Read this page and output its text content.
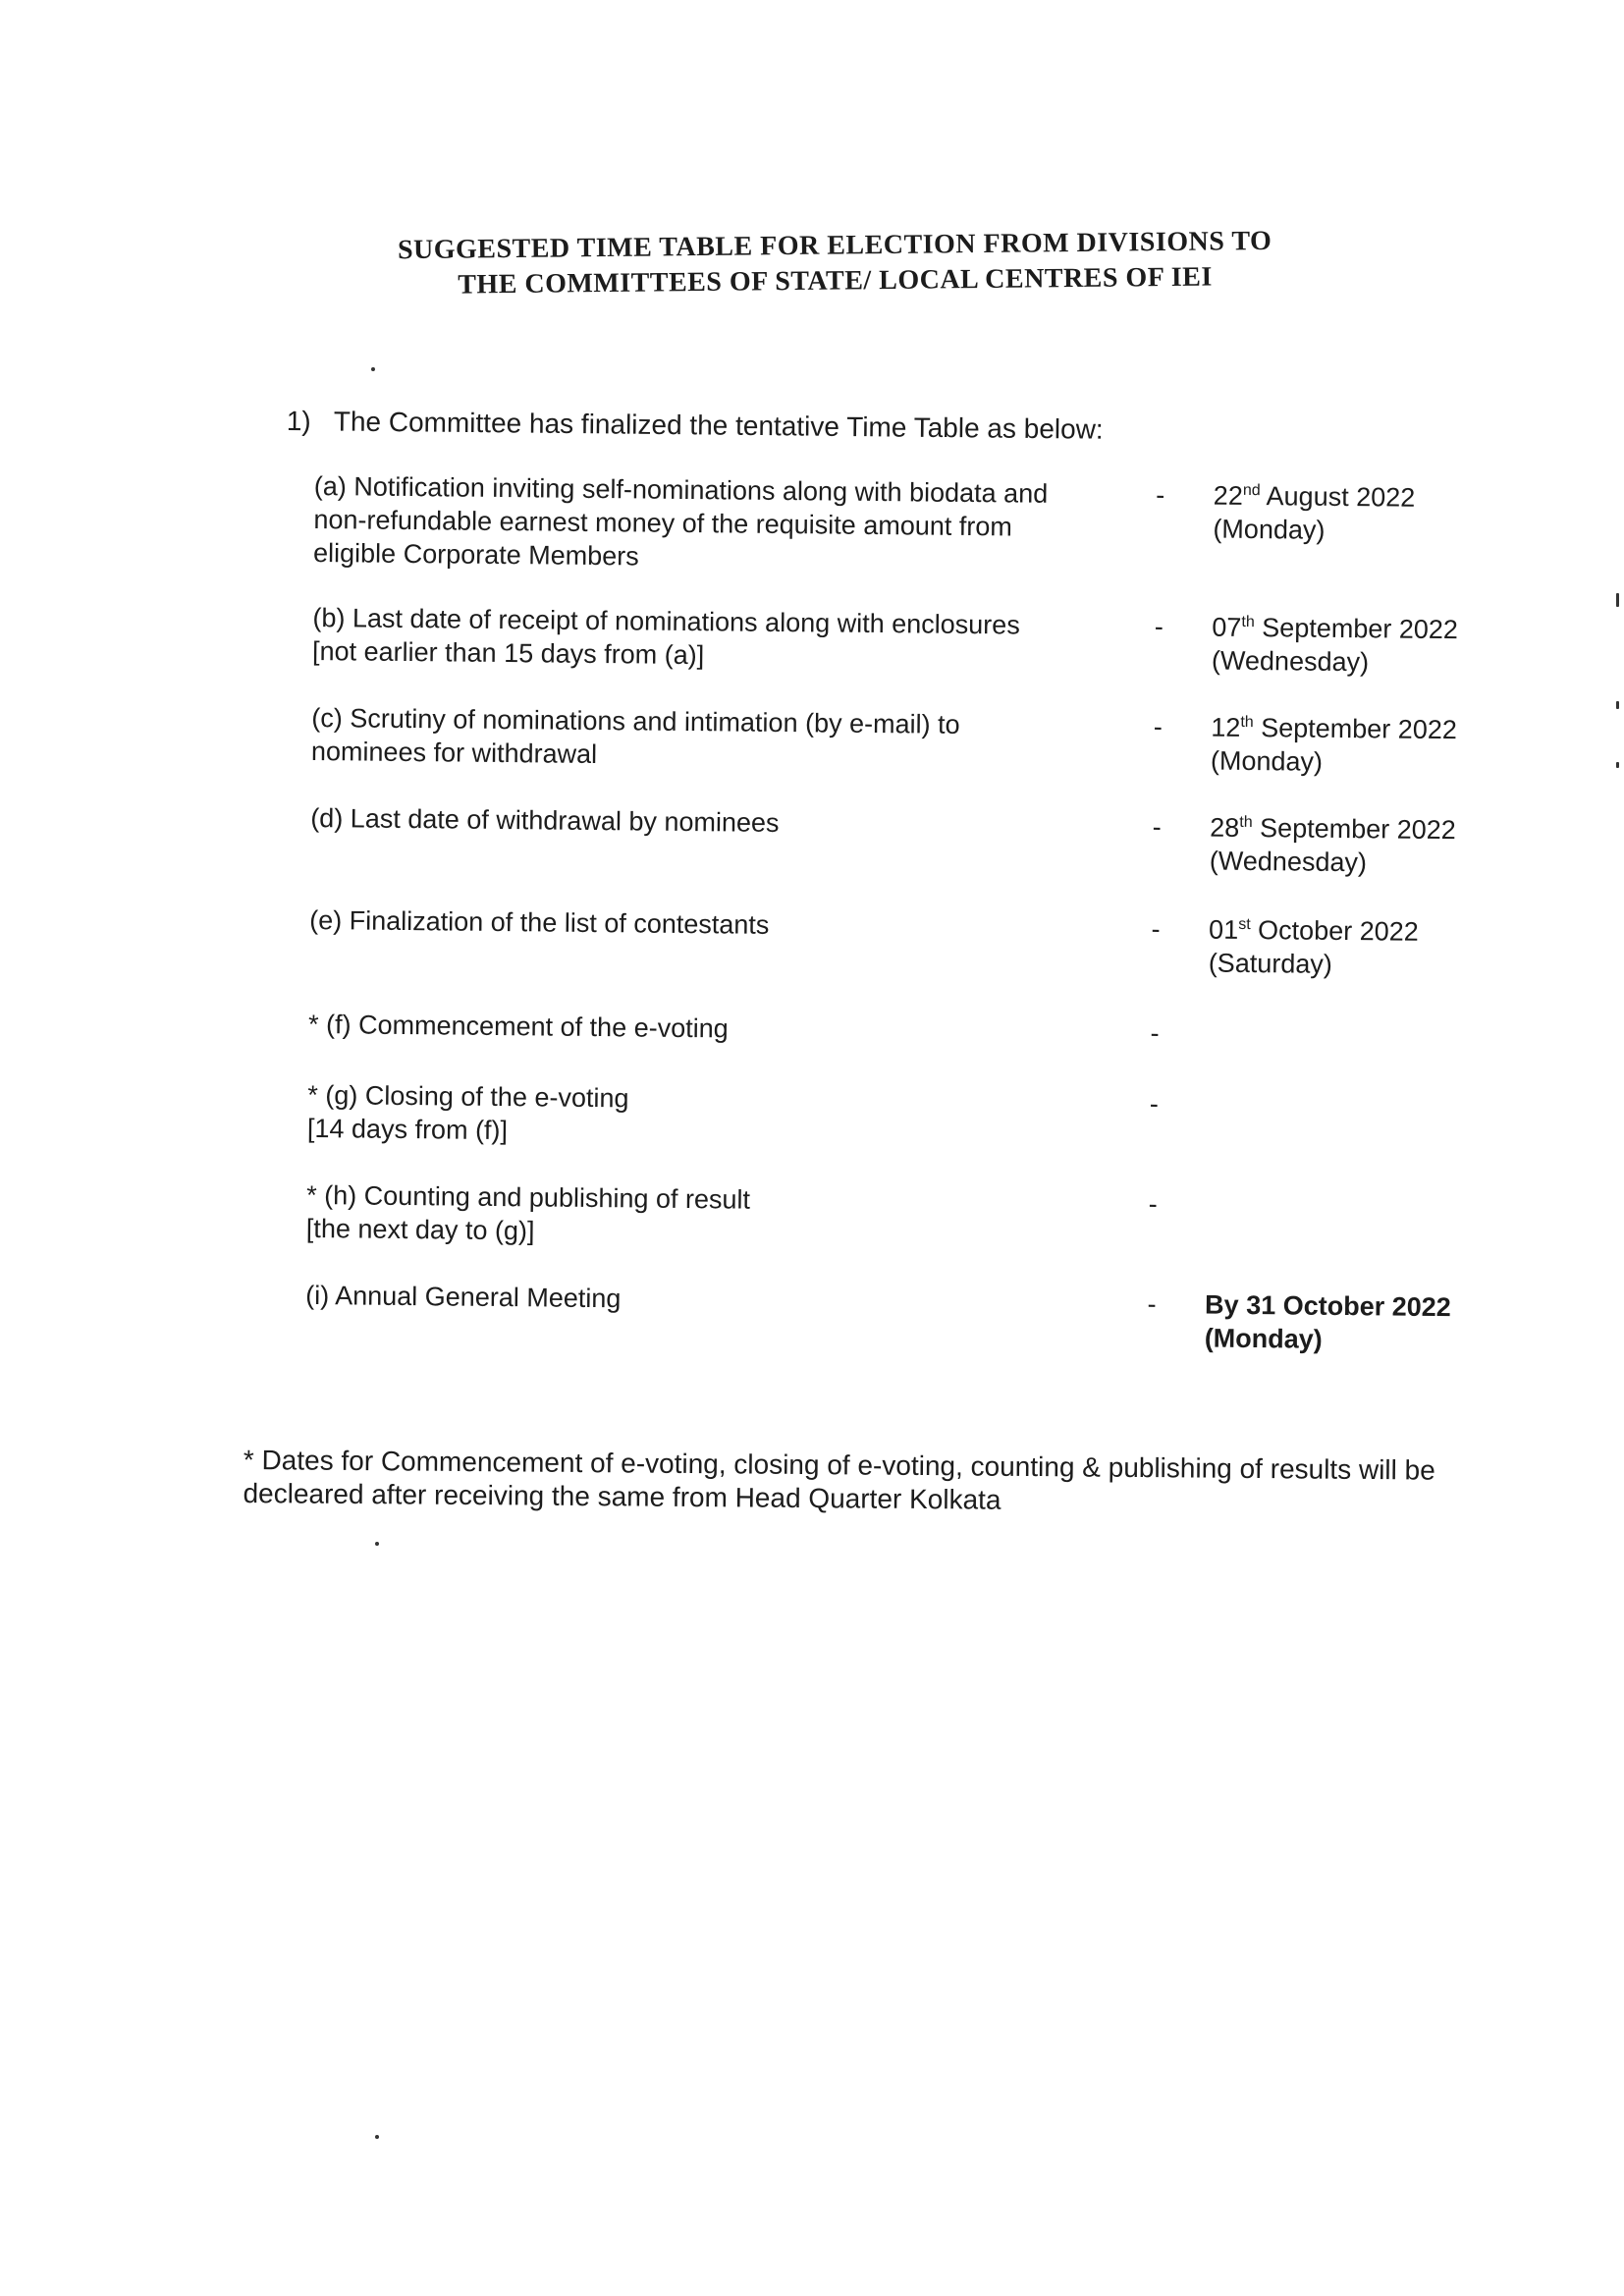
SUGGESTED TIME TABLE FOR ELECTION FROM DIVISIONS TO
THE COMMITTEES OF STATE/ LOCAL CENTRES OF IEI
1) The Committee has finalized the tentative Time Table as below:
(a) Notification inviting self-nominations along with biodata and
non-refundable earnest money of the requisite amount from
eligible Corporate Members
- 22nd August 2022
(Monday)
(b) Last date of receipt of nominations along with enclosures
[not earlier than 15 days from (a)]
- 07th September 2022
(Wednesday)
(c) Scrutiny of nominations and intimation (by e-mail) to
nominees for withdrawal
- 12th September 2022
(Monday)
(d) Last date of withdrawal by nominees	- 28th September 2022
(Wednesday)
(e) Finalization of the list of contestants	- 01st October 2022
(Saturday)
* (f) Commencement of the e-voting	-
* (g) Closing of the e-voting
[14 days from (f)]
-
* (h) Counting and publishing of result
[the next day to (g)]
-
(i) Annual General Meeting	- By 31 October 2022
(Monday)
* Dates for Commencement of e-voting, closing of e-voting, counting & publishing of results will be
decleared after receiving the same from Head Quarter Kolkata
